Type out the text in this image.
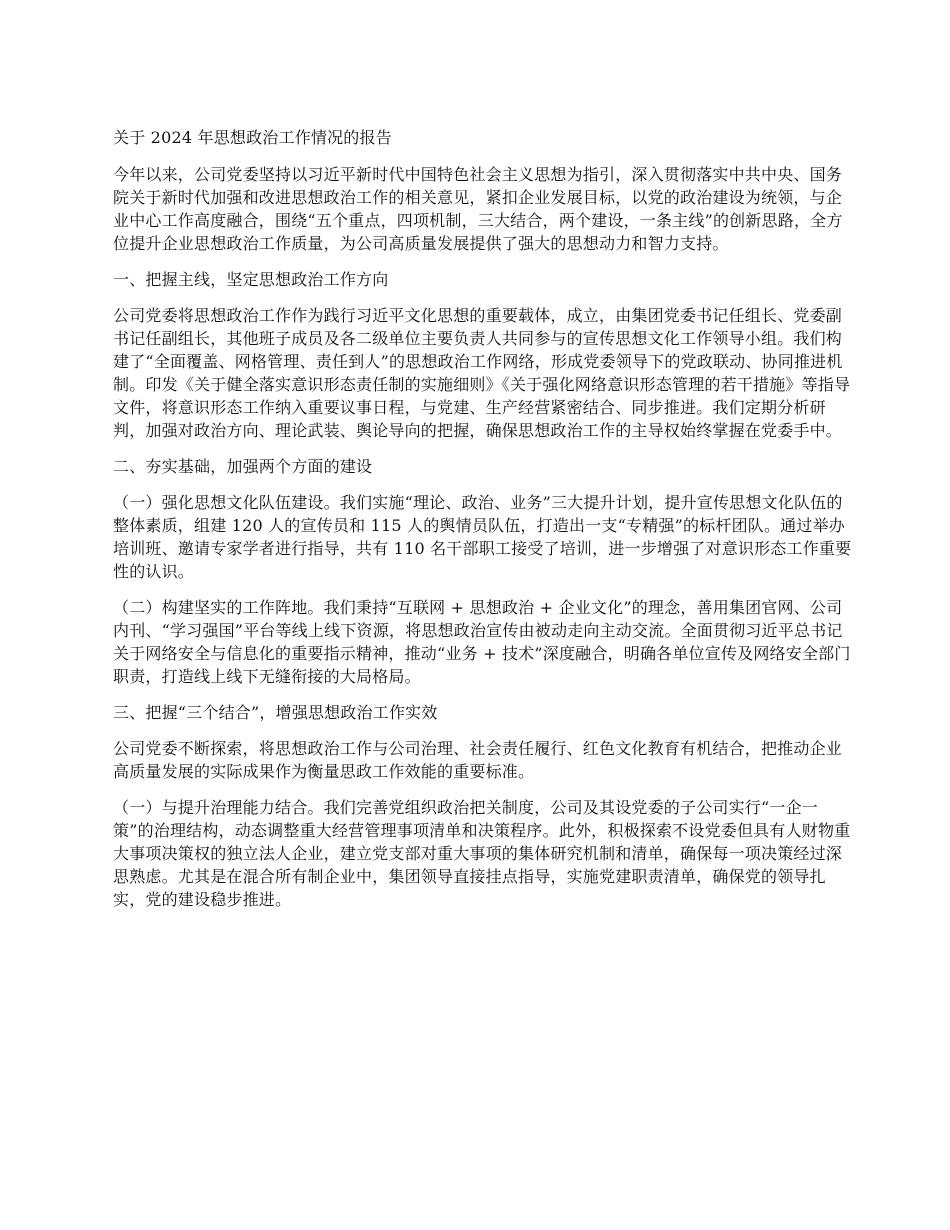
关于 2024 年思想政治工作情况的报告

今年以来，公司党委坚持以习近平新时代中国特色社会主义思想为指引，深入贯彻落实中共中央、国务院关于新时代加强和改进思想政治工作的相关意见，紧扣企业发展目标，以党的政治建设为统领，与企业中心工作高度融合，围绕“五个重点，四项机制，三大结合，两个建设，一条主线”的创新思路，全方位提升企业思想政治工作质量，为公司高质量发展提供了强大的思想动力和智力支持。

一、把握主线，坚定思想政治工作方向

公司党委将思想政治工作作为践行习近平文化思想的重要载体，成立，由集团党委书记任组长、党委副书记任副组长，其他班子成员及各二级单位主要负责人共同参与的宣传思想文化工作领导小组。我们构建了“全面覆盖、网格管理、责任到人”的思想政治工作网络，形成党委领导下的党政联动、协同推进机制。印发《关于健全落实意识形态责任制的实施细则》《关于强化网络意识形态管理的若干措施》等指导文件，将意识形态工作纳入重要议事日程，与党建、生产经营紧密结合、同步推进。我们定期分析研判，加强对政治方向、理论武装、舆论导向的把握，确保思想政治工作的主导权始终掌握在党委手中。

二、夯实基础，加强两个方面的建设

（一）强化思想文化队伍建设。我们实施“理论、政治、业务”三大提升计划，提升宣传思想文化队伍的整体素质，组建 120 人的宣传员和 115 人的舆情员队伍，打造出一支“专精强”的标杆团队。通过举办培训班、邀请专家学者进行指导，共有 110 名干部职工接受了培训，进一步增强了对意识形态工作重要性的认识。

（二）构建坚实的工作阵地。我们秉持“互联网 + 思想政治 + 企业文化”的理念，善用集团官网、公司内刊、“学习强国”平台等线上线下资源，将思想政治宣传由被动走向主动交流。全面贯彻习近平总书记关于网络安全与信息化的重要指示精神，推动“业务 + 技术”深度融合，明确各单位宣传及网络安全部门职责，打造线上线下无缝衔接的大局格局。

三、把握“三个结合”，增强思想政治工作实效

公司党委不断探索，将思想政治工作与公司治理、社会责任履行、红色文化教育有机结合，把推动企业高质量发展的实际成果作为衡量思政工作效能的重要标准。

（一）与提升治理能力结合。我们完善党组织政治把关制度，公司及其设党委的子公司实行“一企一策”的治理结构，动态调整重大经营管理事项清单和决策程序。此外，积极探索不设党委但具有人财物重大事项决策权的独立法人企业，建立党支部对重大事项的集体研究机制和清单，确保每一项决策经过深思熟虑。尤其是在混合所有制企业中，集团领导直接挂点指导，实施党建职责清单，确保党的领导扎实，党的建设稳步推进。
